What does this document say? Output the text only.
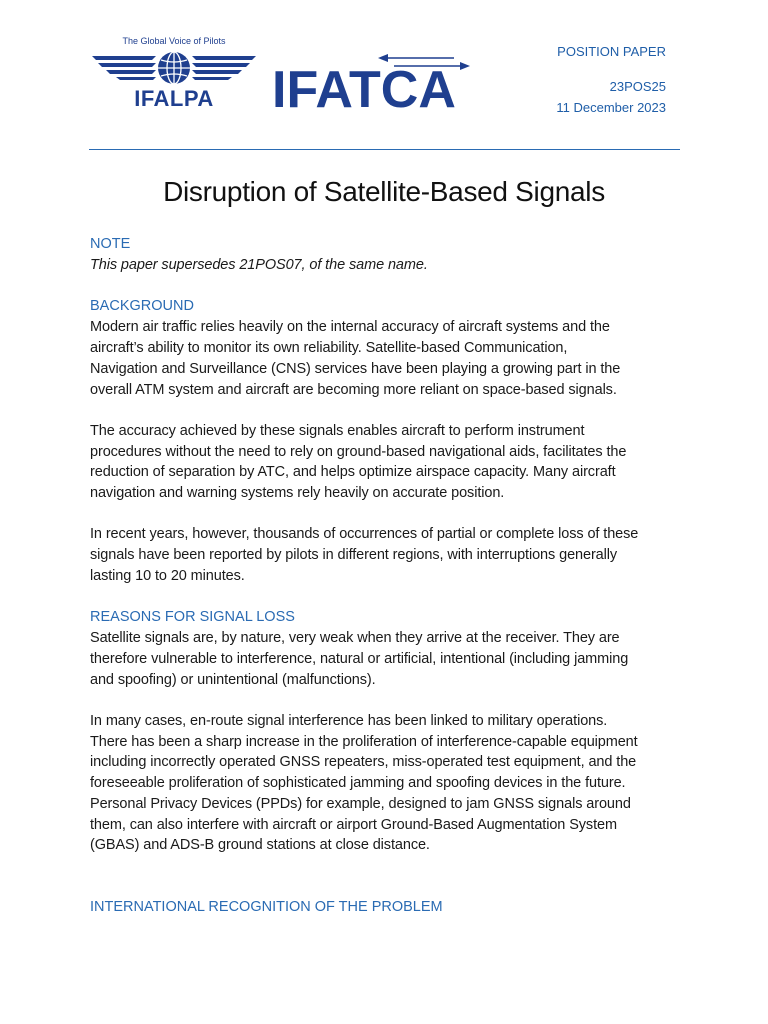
The Global Voice of Pilots
IFALPA	IFATCA
POSITION PAPER
23POS25
11 December 2023
Disruption of Satellite-Based Signals

NOTE

This paper supersedes 21POS07, of the same name.

BACKGROUND

Modern air traffic relies heavily on the internal accuracy of aircraft systems and the
aircraft’s ability to monitor its own reliability. Satellite-based Communication,
Navigation and Surveillance (CNS) services have been playing a growing part in the
overall ATM system and aircraft are becoming more reliant on space-based signals.

The accuracy achieved by these signals enables aircraft to perform instrument
procedures without the need to rely on ground-based navigational aids, facilitates the
reduction of separation by ATC, and helps optimize airspace capacity. Many aircraft
navigation and warning systems rely heavily on accurate position.

In recent years, however, thousands of occurrences of partial or complete loss of these
signals have been reported by pilots in different regions, with interruptions generally
lasting 10 to 20 minutes.

REASONS FOR SIGNAL LOSS

Satellite signals are, by nature, very weak when they arrive at the receiver. They are
therefore vulnerable to interference, natural or artificial, intentional (including jamming
and spoofing) or unintentional (malfunctions).

In many cases, en-route signal interference has been linked to military operations.
There has been a sharp increase in the proliferation of interference-capable equipment
including incorrectly operated GNSS repeaters, miss-operated test equipment, and the
foreseeable proliferation of sophisticated jamming and spoofing devices in the future.
Personal Privacy Devices (PPDs) for example, designed to jam GNSS signals around
them, can also interfere with aircraft or airport Ground-Based Augmentation System
(GBAS) and ADS-B ground stations at close distance.

INTERNATIONAL RECOGNITION OF THE PROBLEM
